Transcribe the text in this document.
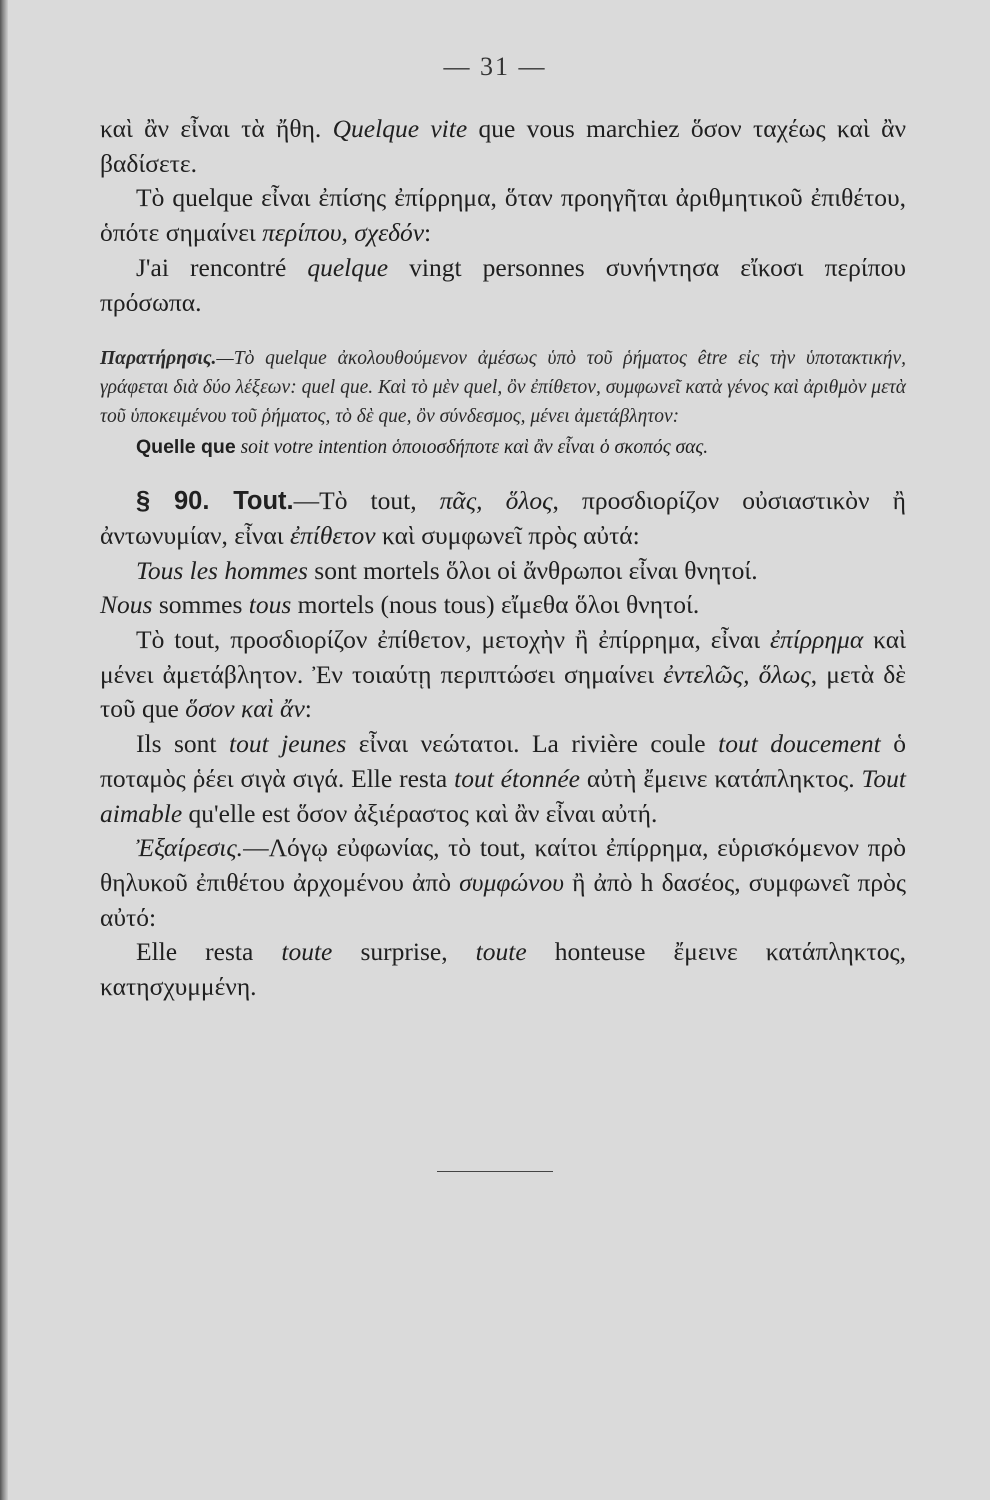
— 31 —

καὶ ἂν εἶναι τὰ ἤθη. Quelque vite que vous marchiez ὅσον ταχέως καὶ ἂν βαδίσετε.

Τὸ quelque εἶναι ἐπίσης ἐπίρρημα, ὅταν προηγῆται ἀριθμητικοῦ ἐπιθέτου, ὁπότε σημαίνει περίπου, σχεδόν:

J'ai rencontré quelque vingt personnes συνήντησα εἴκοσι περίπου πρόσωπα.

Παρατήρησις.—Τὸ quelque ἀκολουθούμενον ἀμέσως ὑπὸ τοῦ ῥήματος être εἰς τὴν ὑποτακτικήν, γράφεται διὰ δύο λέξεων: quel que. Καὶ τὸ μὲν quel, ὂν ἐπίθετον, συμφωνεῖ κατὰ γένος καὶ ἀριθμὸν μετὰ τοῦ ὑποκειμένου τοῦ ῥήματος, τὸ δὲ que, ὂν σύνδεσμος, μένει ἀμετάβλητον:

Quelle que soit votre intention ὁποιοσδήποτε καὶ ἂν εἶναι ὁ σκοπός σας.

§ 90. Tout.—Τὸ tout, πᾶς, ὅλος, προσδιορίζον οὐσιαστικὸν ἢ ἀντωνυμίαν, εἶναι ἐπίθετον καὶ συμφωνεῖ πρὸς αὐτά:

Tous les hommes sont mortels ὅλοι οἱ ἄνθρωποι εἶναι θνητοί.

Nous sommes tous mortels (nous tous) εἴμεθα ὅλοι θνητοί.

Τὸ tout, προσδιορίζον ἐπίθετον, μετοχὴν ἢ ἐπίρρημα, εἶναι ἐπίρρημα καὶ μένει ἀμετάβλητον. Ἐν τοιαύτῃ περιπτώσει σημαίνει ἐντελῶς, ὅλως, μετὰ δὲ τοῦ que ὅσον καὶ ἄν:

Ils sont tout jeunes εἶναι νεώτατοι. La rivière coule tout doucement ὁ ποταμὸς ῥέει σιγὰ σιγά. Elle resta tout étonnée αὐτὴ ἔμεινε κατάπληκτος. Tout aimable qu'elle est ὅσον ἀξιέραστος καὶ ἂν εἶναι αὐτή.

Ἐξαίρεσις.—Λόγῳ εὐφωνίας, τὸ tout, καίτοι ἐπίρρημα, εὑρισκόμενον πρὸ θηλυκοῦ ἐπιθέτου ἀρχομένου ἀπὸ συμφώνου ἢ ἀπὸ h δασέος, συμφωνεῖ πρὸς αὐτό:

Elle resta toute surprise, toute honteuse ἔμεινε κατάπληκτος, κατησχυμμένη.
